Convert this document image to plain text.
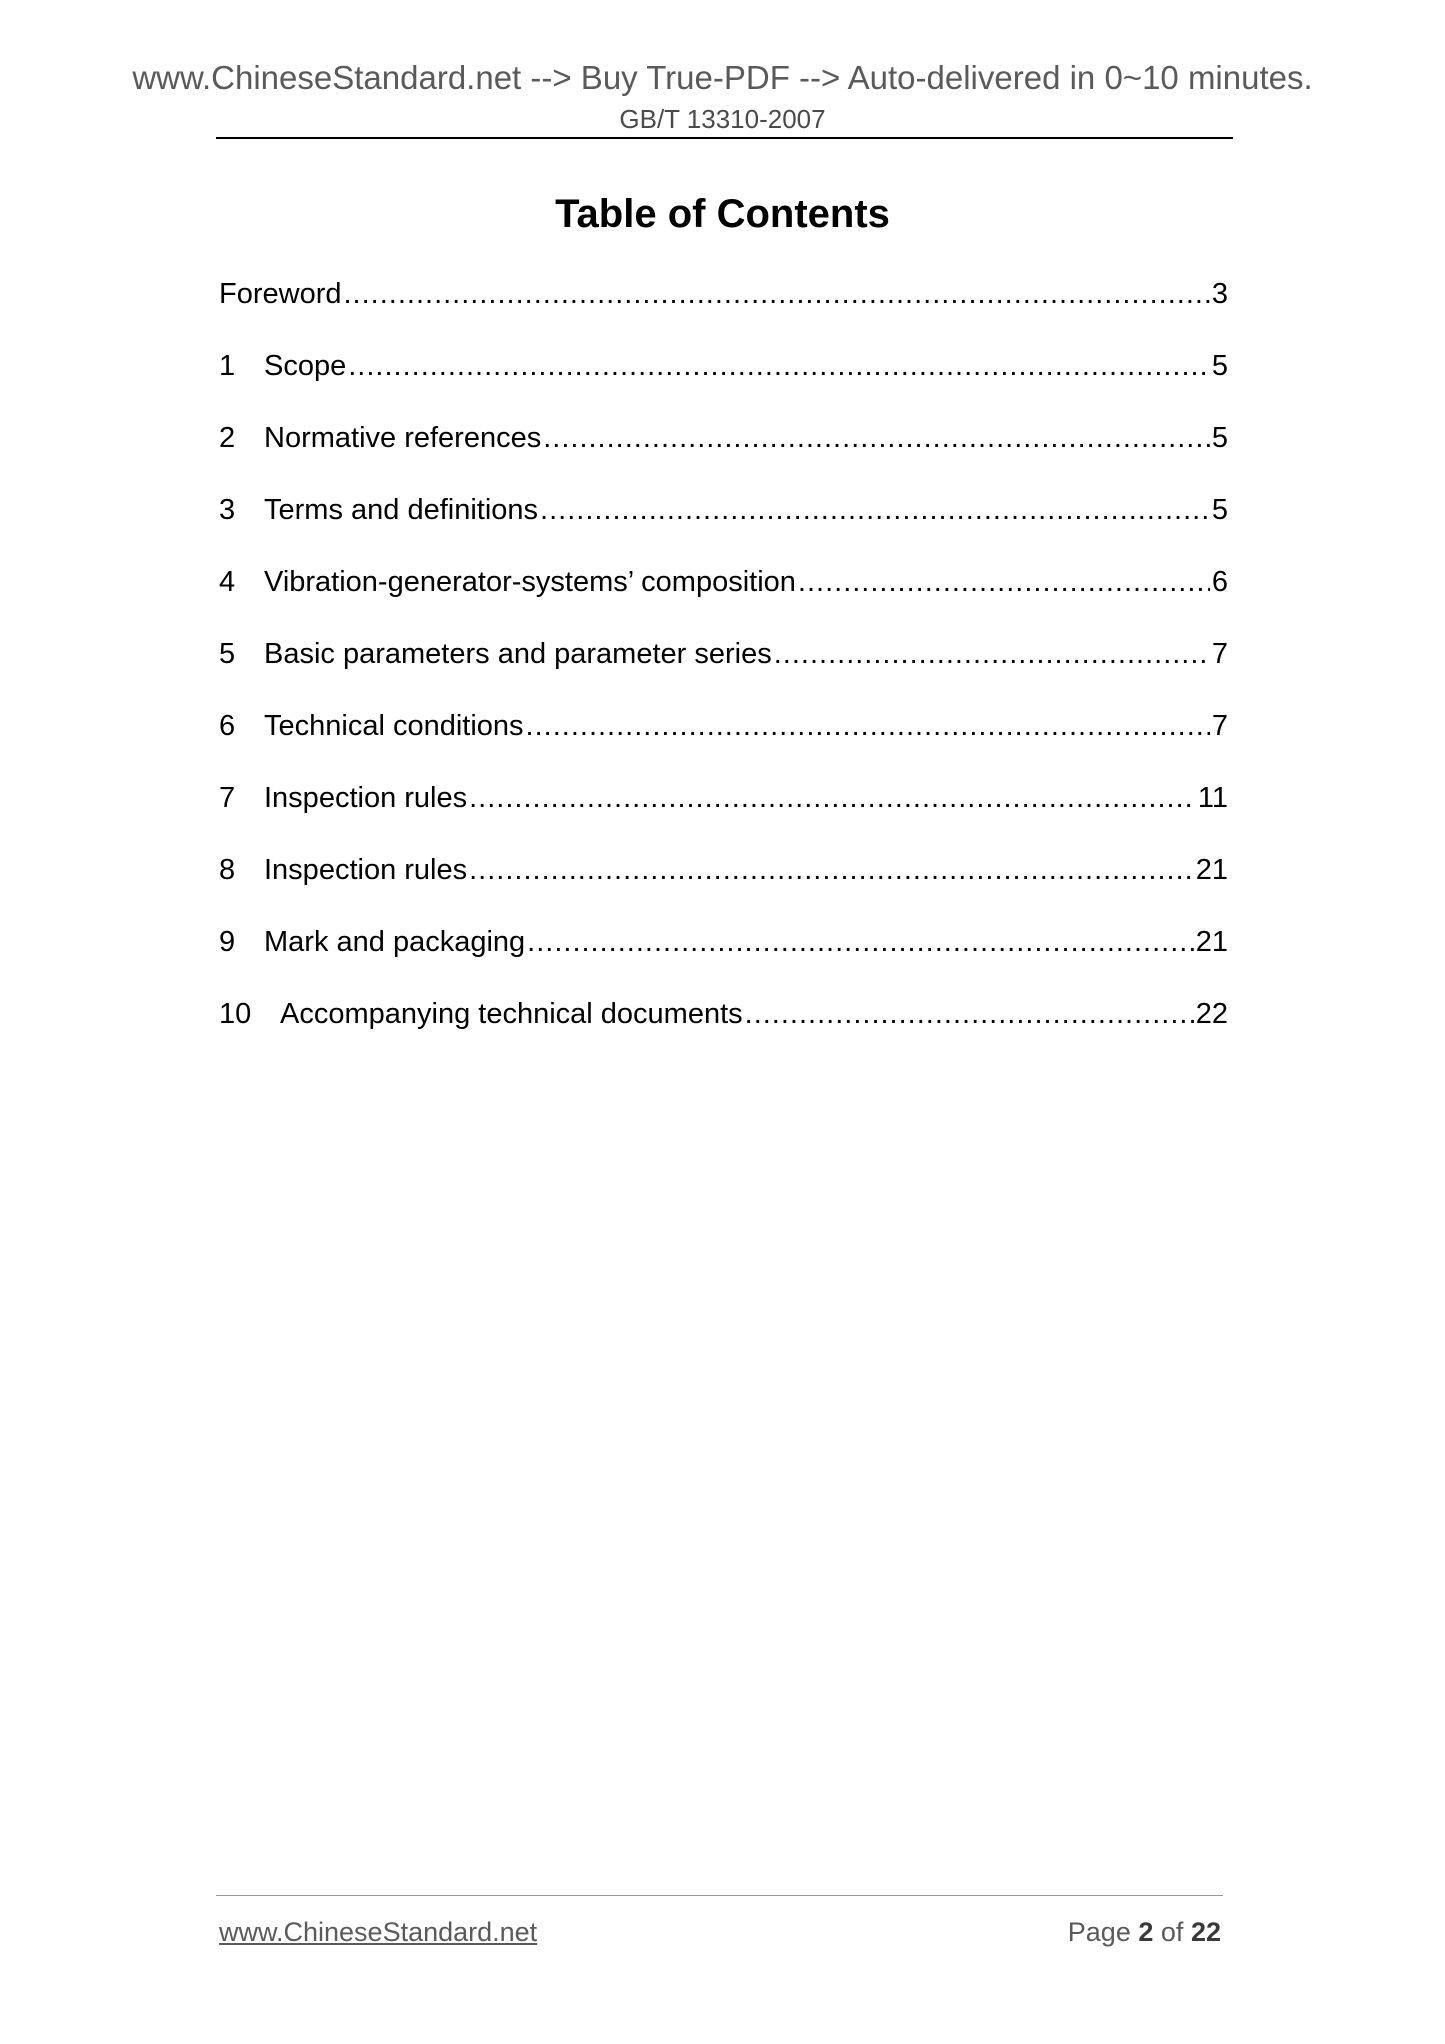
www.ChineseStandard.net --> Buy True-PDF --> Auto-delivered in 0~10 minutes.
GB/T 13310-2007
Table of Contents
Foreword .....	3
1 Scope .....	5
2 Normative references .....	5
3 Terms and definitions .....	5
4 Vibration-generator-systems’ composition .....	6
5 Basic parameters and parameter series .....	7
6 Technical conditions .....	7
7 Inspection rules .....	11
8 Inspection rules .....	21
9 Mark and packaging .....	21
10 Accompanying technical documents .....	22
www.ChineseStandard.net	Page 2 of 22
